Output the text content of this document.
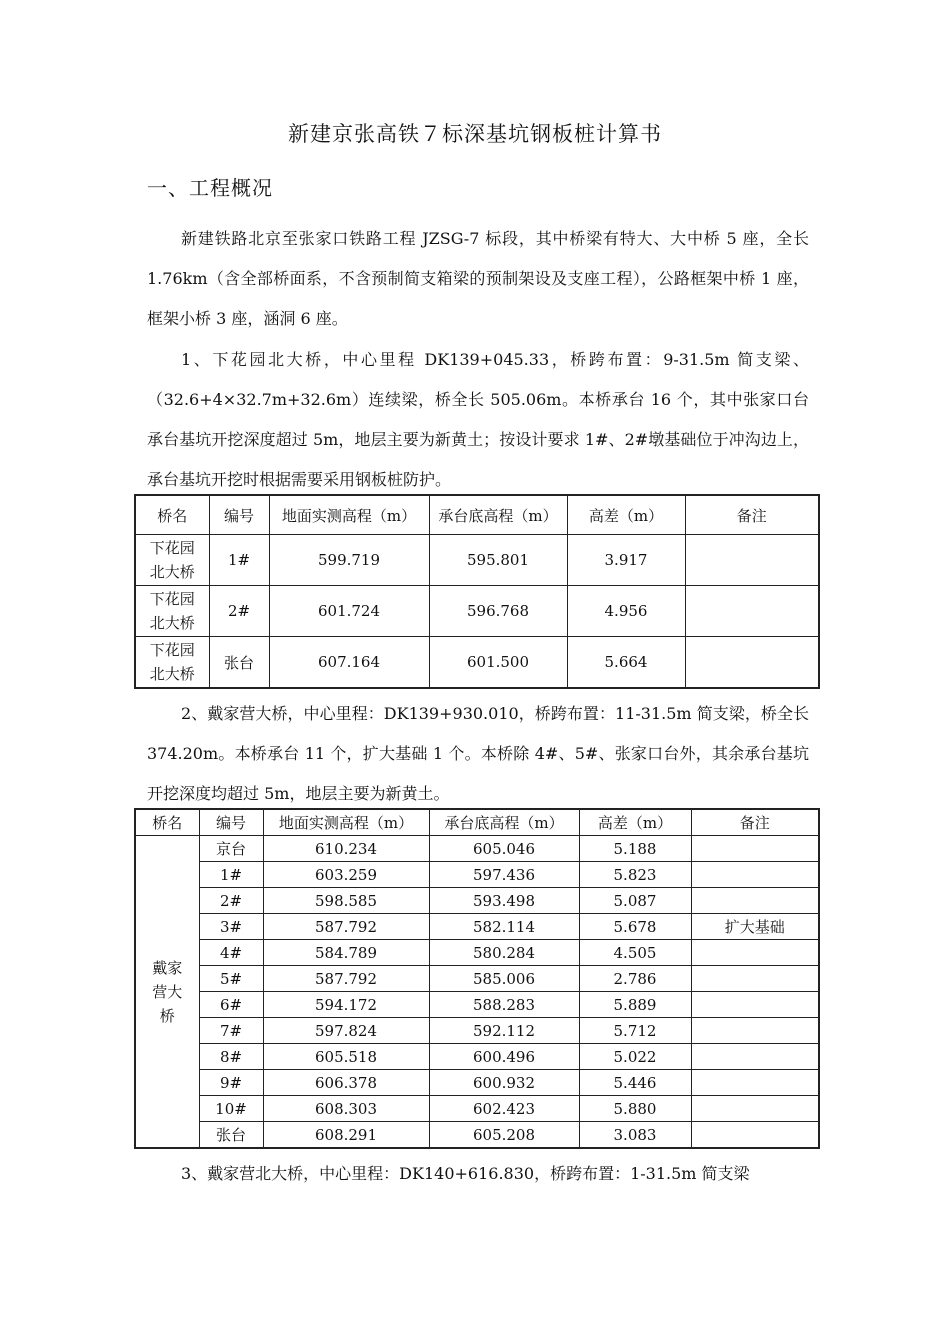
新建京张高铁７标深基坑钢板桩计算书
一、工程概况
新建铁路北京至张家口铁路工程 JZSG-7 标段，其中桥梁有特大、大中桥 5 座，全长 1.76km（含全部桥面系，不含预制简支箱梁的预制架设及支座工程），公路框架中桥 1 座，框架小桥 3 座，涵洞 6 座。
1、下花园北大桥，中心里程 DK139+045.33，桥跨布置：9-31.5m 简支梁、（32.6+4×32.7m+32.6m）连续梁，桥全长 505.06m。本桥承台 16 个，其中张家口台承台基坑开挖深度超过 5m，地层主要为新黄土；按设计要求 1#、2#墩基础位于冲沟边上，承台基坑开挖时根据需要采用钢板桩防护。
桥名	编号	地面实测高程（m）	承台底高程（m）	高差（m）	备注
下花园北大桥	1#	599.719	595.801	3.917	
下花园北大桥	2#	601.724	596.768	4.956	
下花园北大桥	张台	607.164	601.500	5.664	
2、戴家营大桥，中心里程：DK139+930.010，桥跨布置：11-31.5m 简支梁，桥全长 374.20m。本桥承台 11 个，扩大基础 1 个。本桥除 4#、5#、张家口台外，其余承台基坑开挖深度均超过 5m，地层主要为新黄土。
桥名	编号	地面实测高程（m）	承台底高程（m）	高差（m）	备注
戴家营大桥	京台	610.234	605.046	5.188	
	1#	603.259	597.436	5.823	
	2#	598.585	593.498	5.087	
	3#	587.792	582.114	5.678	扩大基础
	4#	584.789	580.284	4.505	
	5#	587.792	585.006	2.786	
	6#	594.172	588.283	5.889	
	7#	597.824	592.112	5.712	
	8#	605.518	600.496	5.022	
	9#	606.378	600.932	5.446	
	10#	608.303	602.423	5.880	
	张台	608.291	605.208	3.083	
3、戴家营北大桥，中心里程：DK140+616.830，桥跨布置：1-31.5m 简支梁
